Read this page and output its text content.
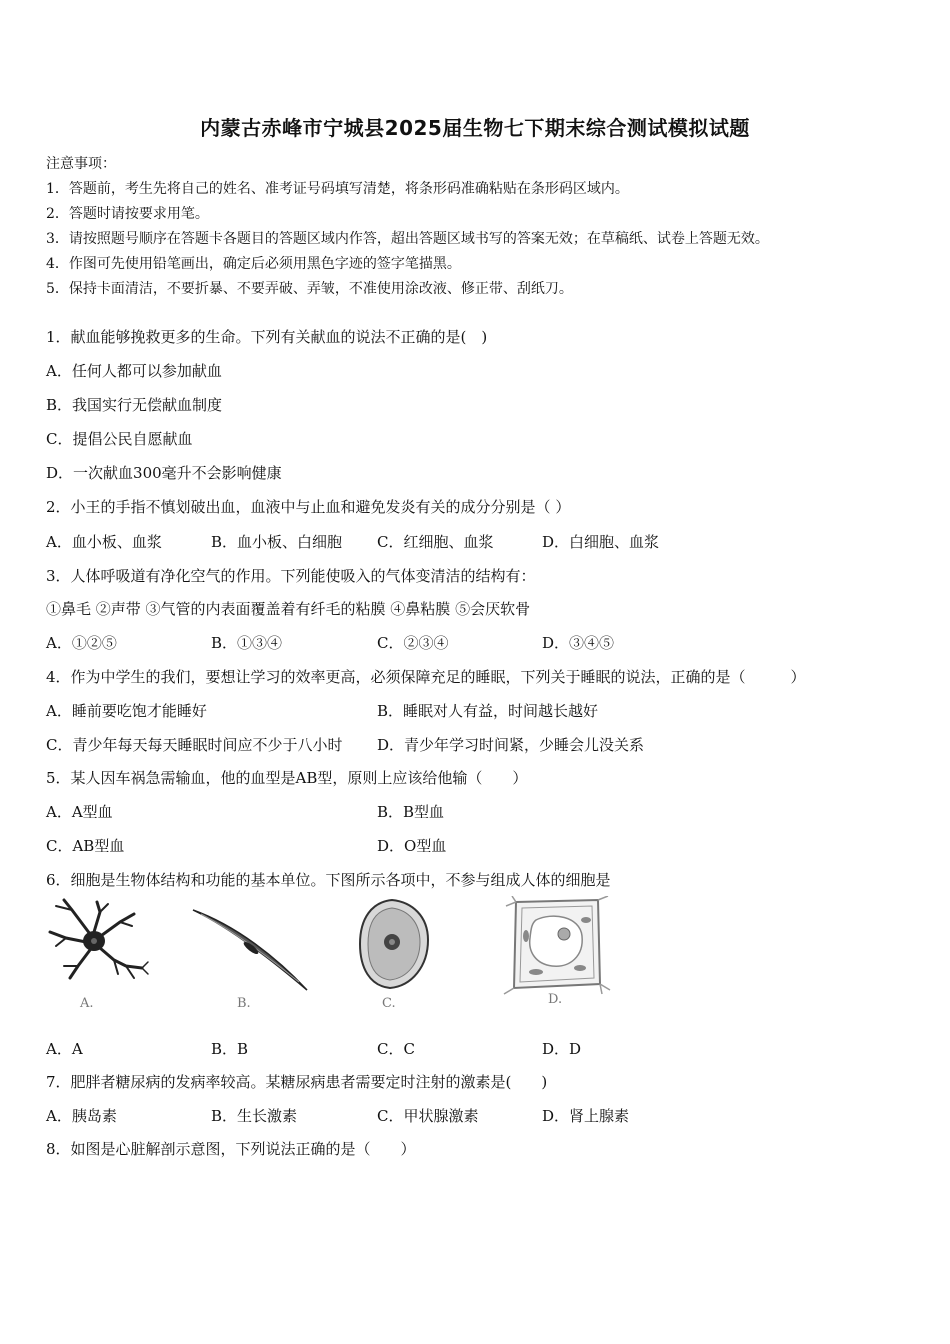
内蒙古赤峰市宁城县2025届生物七下期末综合测试模拟试题
注意事项：
1．答题前，考生先将自己的姓名、准考证号码填写清楚，将条形码准确粘贴在条形码区域内。
2．答题时请按要求用笔。
3．请按照题号顺序在答题卡各题目的答题区域内作答，超出答题区域书写的答案无效；在草稿纸、试卷上答题无效。
4．作图可先使用铅笔画出，确定后必须用黑色字迹的签字笔描黑。
5．保持卡面清洁，不要折暴、不要弄破、弄皱，不准使用涂改液、修正带、刮纸刀。
1．献血能够挽救更多的生命。下列有关献血的说法不正确的是(　)
A．任何人都可以参加献血
B．我国实行无偿献血制度
C．提倡公民自愿献血
D．一次献血300毫升不会影响健康
2．小王的手指不慎划破出血，血液中与止血和避免发炎有关的成分分别是（ ）
A．血小板、血浆	B．血小板、白细胞 C．红细胞、血浆	D．白细胞、血浆
3．人体呼吸道有净化空气的作用。下列能使吸入的气体变清洁的结构有：
①鼻毛 ②声带 ③气管的内表面覆盖着有纤毛的粘膜 ④鼻粘膜 ⑤会厌软骨
A．①②⑤	B．①③④	C．②③④	D．③④⑤
4．作为中学生的我们，要想让学习的效率更高，必须保障充足的睡眠，下列关于睡眠的说法，正确的是（　　　）
A．睡前要吃饱才能睡好	B．睡眠对人有益，时间越长越好
C．青少年每天每天睡眠时间应不少于八小时 D．青少年学习时间紧，少睡会儿没关系
5．某人因车祸急需输血，他的血型是AB型，原则上应该给他输（　　）
A．A型血	B．B型血
C．AB型血	D．O型血
6．细胞是生物体结构和功能的基本单位。下图所示各项中，不参与组成人体的细胞是
A.	B.	C.	D.
A．A	B．B	C．C	D．D
7．肥胖者糖尿病的发病率较高。某糖尿病患者需要定时注射的激素是(　　)
A．胰岛素	B．生长激素	C．甲状腺激素	D．肾上腺素
8．如图是心脏解剖示意图，下列说法正确的是（　　）
